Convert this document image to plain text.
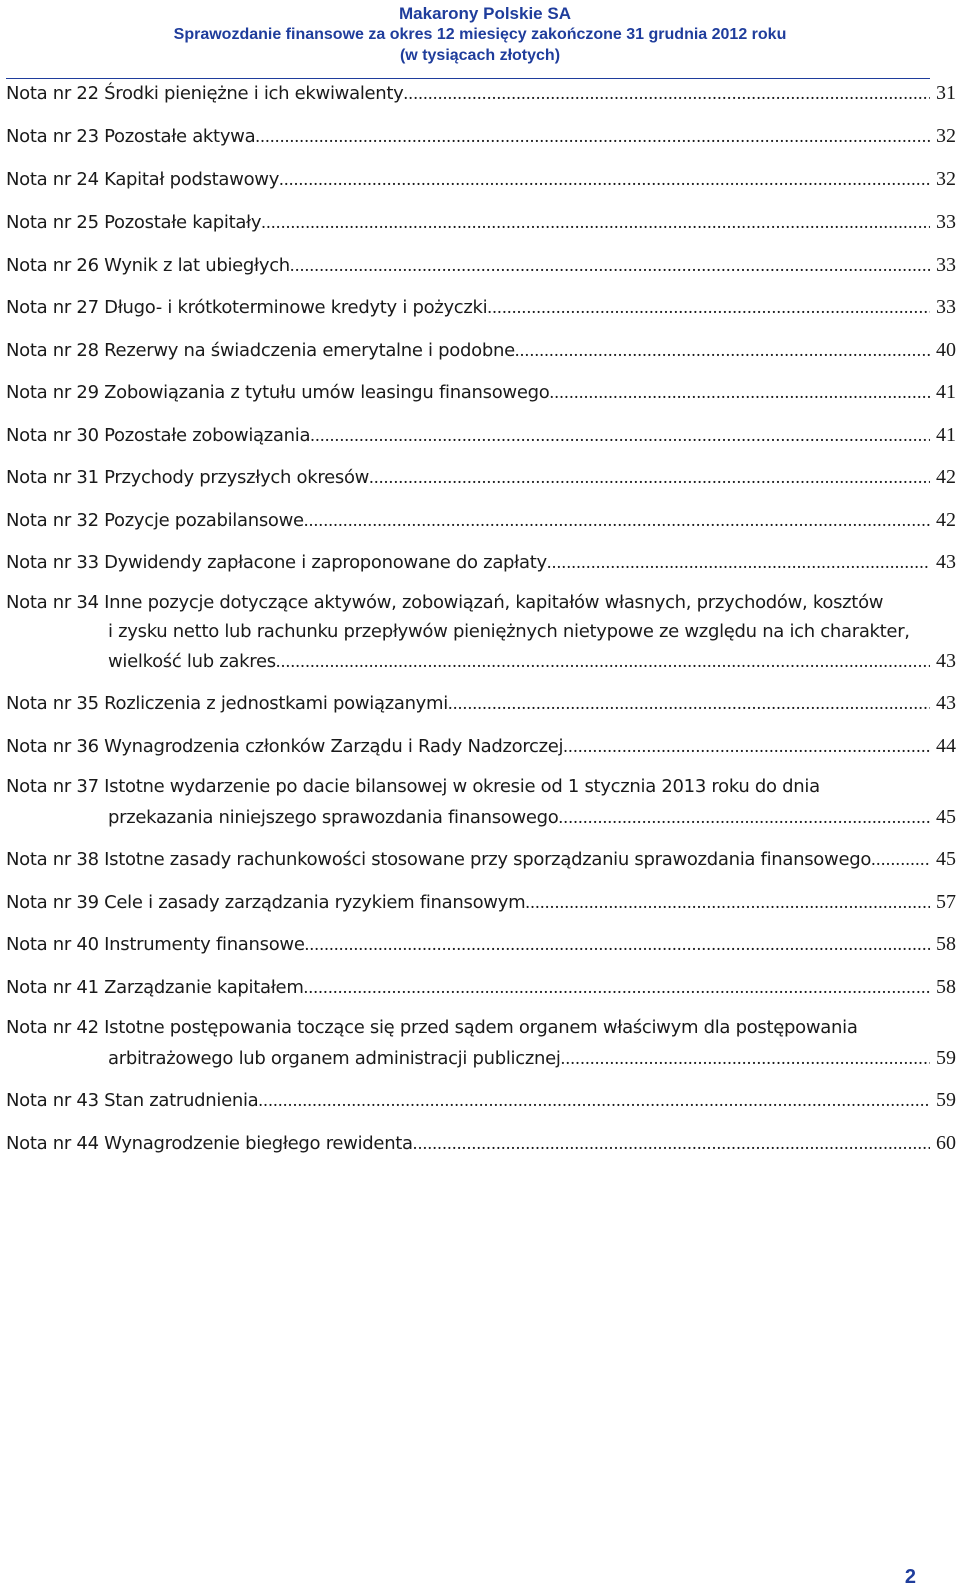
Makarony Polskie SA
Sprawozdanie finansowe za okres 12 miesięcy zakończone 31 grudnia 2012 roku
(w tysiącach złotych)
Nota nr 22 Środki pieniężne i ich ekwiwalenty .....	31
Nota nr 23 Pozostałe aktywa .....	32
Nota nr 24 Kapitał podstawowy .....	32
Nota nr 25 Pozostałe kapitały .....	33
Nota nr 26 Wynik z lat ubiegłych .....	33
Nota nr 27 Długo- i krótkoterminowe kredyty i pożyczki .....	33
Nota nr 28 Rezerwy na świadczenia emerytalne i podobne .....	40
Nota nr 29 Zobowiązania z tytułu umów leasingu finansowego .....	41
Nota nr 30 Pozostałe zobowiązania .....	41
Nota nr 31 Przychody przyszłych okresów .....	42
Nota nr 32 Pozycje pozabilansowe .....	42
Nota nr 33 Dywidendy zapłacone i zaproponowane do zapłaty .....	43
Nota nr 34 Inne pozycje dotyczące aktywów, zobowiązań, kapitałów własnych, przychodów, kosztów
i zysku netto lub rachunku przepływów pieniężnych nietypowe ze względu na ich charakter,
wielkość lub zakres .....	43
Nota nr 35 Rozliczenia z jednostkami powiązanymi .....	43
Nota nr 36 Wynagrodzenia członków Zarządu i Rady Nadzorczej .....	44
Nota nr 37 Istotne wydarzenie po dacie bilansowej w okresie od 1 stycznia 2013 roku do dnia
przekazania niniejszego sprawozdania finansowego .....	45
Nota nr 38 Istotne zasady rachunkowości stosowane przy sporządzaniu sprawozdania finansowego .....	45
Nota nr 39 Cele i zasady zarządzania ryzykiem finansowym .....	57
Nota nr 40 Instrumenty finansowe .....	58
Nota nr 41 Zarządzanie kapitałem .....	58
Nota nr 42 Istotne postępowania toczące się przed sądem organem właściwym dla postępowania
arbitrażowego lub organem administracji publicznej .....	59
Nota nr 43 Stan zatrudnienia .....	59
Nota nr 44 Wynagrodzenie biegłego rewidenta .....	60
2
